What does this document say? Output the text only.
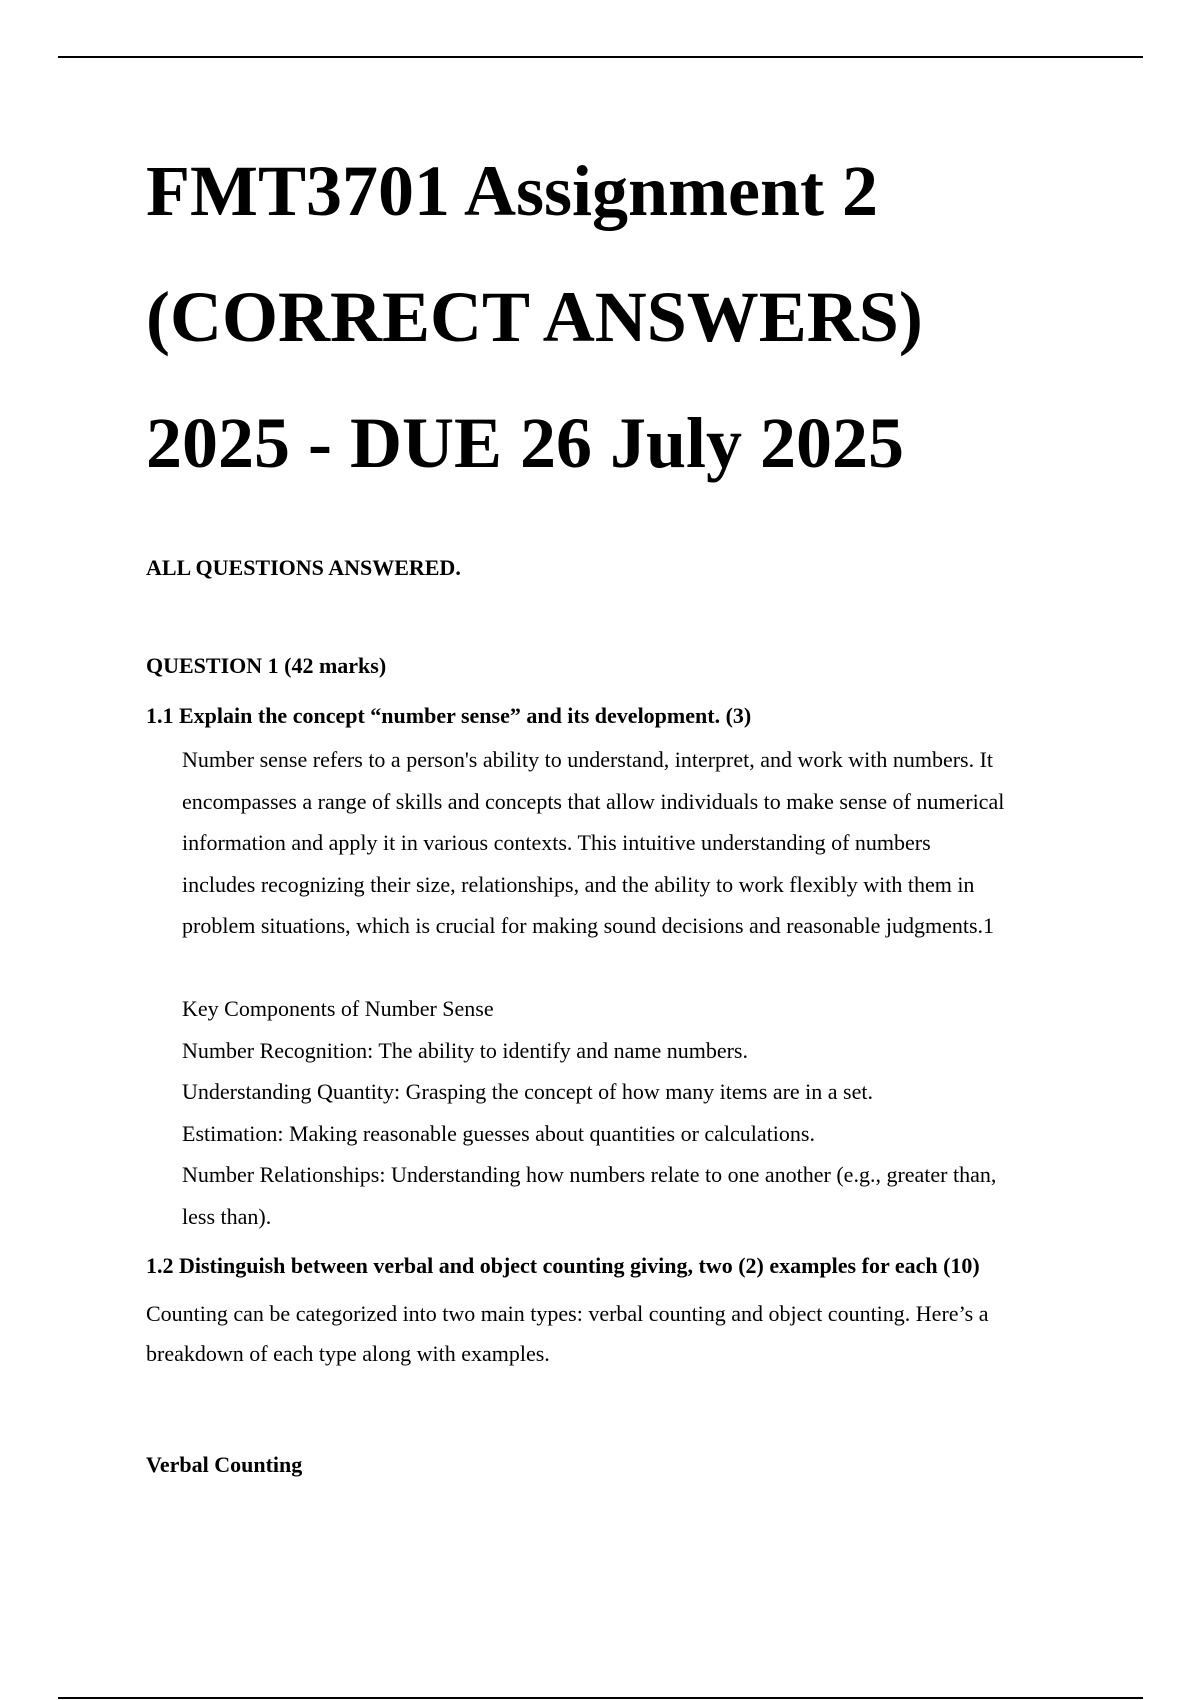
FMT3701 Assignment 2
(CORRECT ANSWERS)
2025 - DUE 26 July 2025

ALL QUESTIONS ANSWERED.

QUESTION 1 (42 marks)

1.1 Explain the concept “number sense” and its development. (3)

Number sense refers to a person's ability to understand, interpret, and work with numbers. It
encompasses a range of skills and concepts that allow individuals to make sense of numerical
information and apply it in various contexts. This intuitive understanding of numbers
includes recognizing their size, relationships, and the ability to work flexibly with them in
problem situations, which is crucial for making sound decisions and reasonable judgments.1
Key Components of Number Sense
Number Recognition: The ability to identify and name numbers.
Understanding Quantity: Grasping the concept of how many items are in a set.
Estimation: Making reasonable guesses about quantities or calculations.
Number Relationships: Understanding how numbers relate to one another (e.g., greater than,
less than).

1.2 Distinguish between verbal and object counting giving, two (2) examples for each (10)

Counting can be categorized into two main types: verbal counting and object counting. Here’s a
breakdown of each type along with examples.

Verbal Counting
